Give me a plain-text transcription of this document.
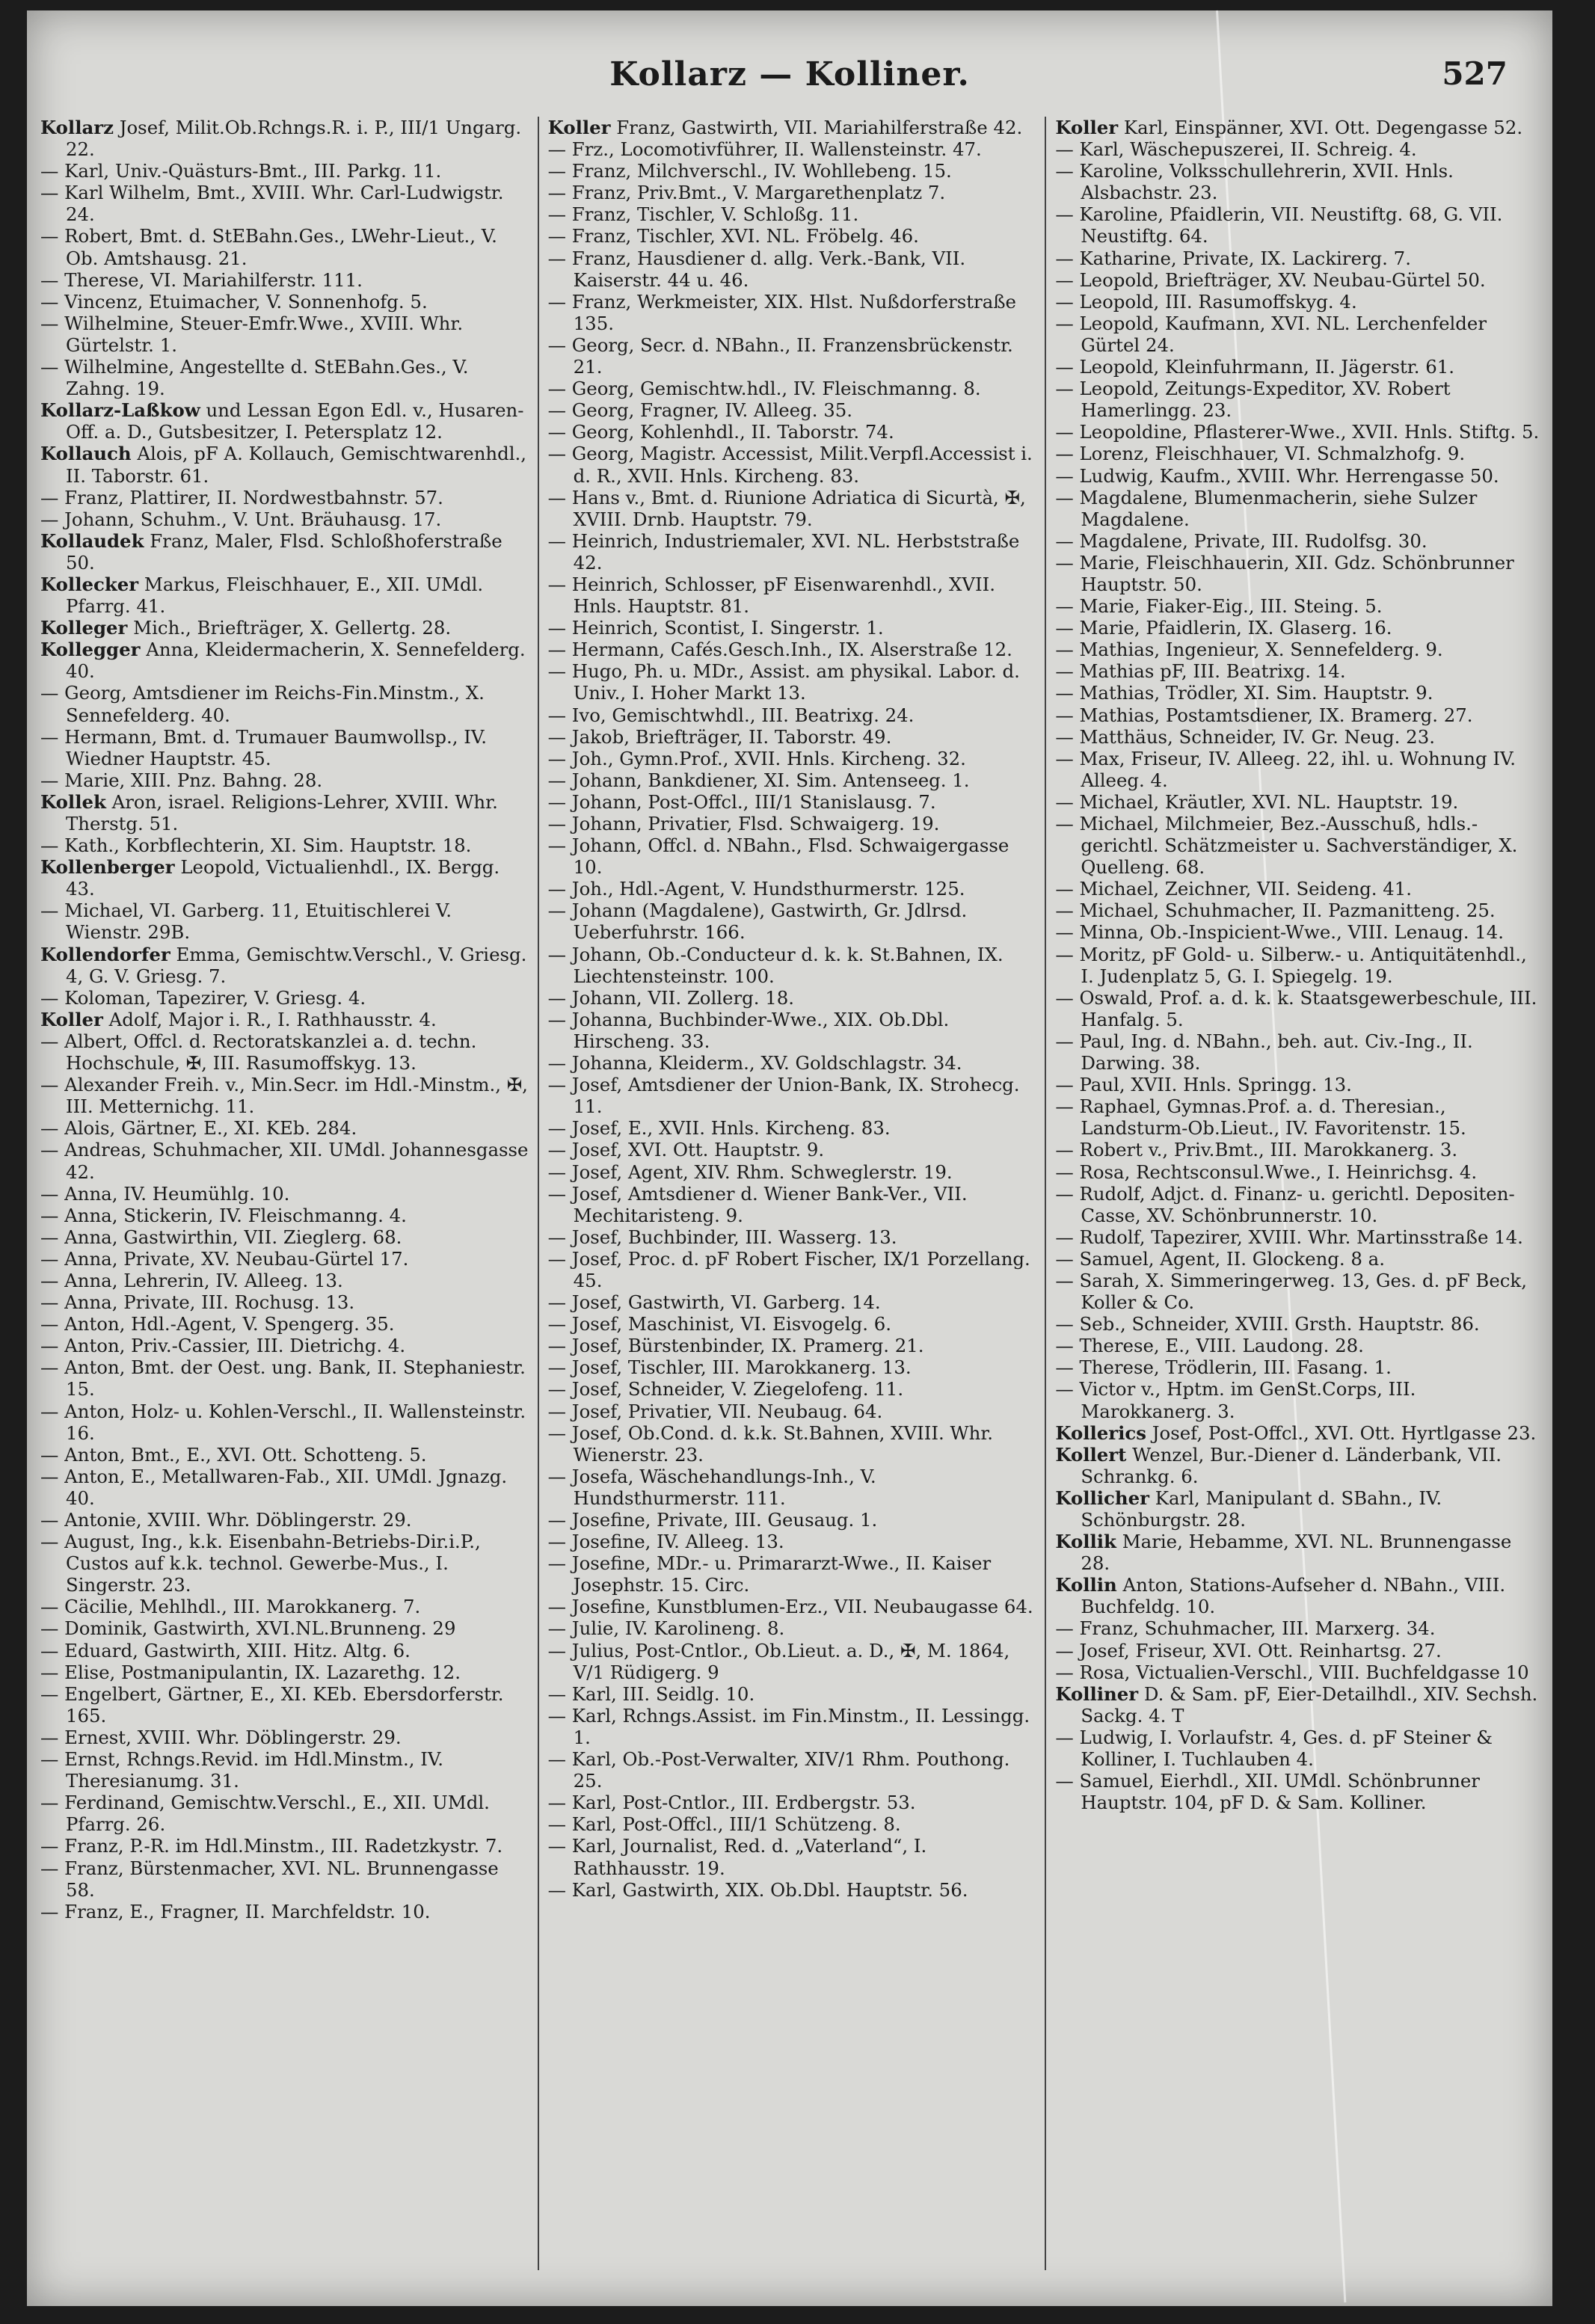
Kollarz — Kolliner.	527

Kollarz Josef, Milit.Ob.Rchngs.R. i. P., III/1 Ungarg. 22.

— Karl, Univ.-Quästurs-Bmt., III. Parkg. 11.

— Karl Wilhelm, Bmt., XVIII. Whr. Carl-Ludwigstr. 24.

— Robert, Bmt. d. StEBahn.Ges., LWehr-Lieut., V. Ob. Amtshausg. 21.

— Therese, VI. Mariahilferstr. 111.

— Vincenz, Etuimacher, V. Sonnenhofg. 5.

— Wilhelmine, Steuer-Emfr.Wwe., XVIII. Whr. Gürtelstr. 1.

— Wilhelmine, Angestellte d. StEBahn.Ges., V. Zahng. 19.

Kollarz-Laßkow und Lessan Egon Edl. v., Husaren-Off. a. D., Gutsbesitzer, I. Petersplatz 12.

Kollauch Alois, pF A. Kollauch, Gemischtwarenhdl., II. Taborstr. 61.

— Franz, Plattirer, II. Nordwestbahnstr. 57.

— Johann, Schuhm., V. Unt. Bräuhausg. 17.

Kollaudek Franz, Maler, Flsd. Schloßhoferstraße 50.

Kollecker Markus, Fleischhauer, E., XII. UMdl. Pfarrg. 41.

Kolleger Mich., Briefträger, X. Gellertg. 28.

Kollegger Anna, Kleidermacherin, X. Sennefelderg. 40.

— Georg, Amtsdiener im Reichs-Fin.Minstm., X. Sennefelderg. 40.

— Hermann, Bmt. d. Trumauer Baumwollsp., IV. Wiedner Hauptstr. 45.

— Marie, XIII. Pnz. Bahng. 28.

Kollek Aron, israel. Religions-Lehrer, XVIII. Whr. Therstg. 51.

— Kath., Korbflechterin, XI. Sim. Hauptstr. 18.

Kollenberger Leopold, Victualienhdl., IX. Bergg. 43.

— Michael, VI. Garberg. 11, Etuitischlerei V. Wienstr. 29B.

Kollendorfer Emma, Gemischtw.Verschl., V. Griesg. 4, G. V. Griesg. 7.

— Koloman, Tapezirer, V. Griesg. 4.

Koller Adolf, Major i. R., I. Rathhausstr. 4.

— Albert, Offcl. d. Rectoratskanzlei a. d. techn. Hochschule, ✠, III. Rasumoffskyg. 13.

— Alexander Freih. v., Min.Secr. im Hdl.-Minstm., ✠, III. Metternichg. 11.

— Alois, Gärtner, E., XI. KEb. 284.

— Andreas, Schuhmacher, XII. UMdl. Johannesgasse 42.

— Anna, IV. Heumühlg. 10.

— Anna, Stickerin, IV. Fleischmanng. 4.

— Anna, Gastwirthin, VII. Zieglerg. 68.

— Anna, Private, XV. Neubau-Gürtel 17.

— Anna, Lehrerin, IV. Alleeg. 13.

— Anna, Private, III. Rochusg. 13.

— Anton, Hdl.-Agent, V. Spengerg. 35.

— Anton, Priv.-Cassier, III. Dietrichg. 4.

— Anton, Bmt. der Oest. ung. Bank, II. Stephaniestr. 15.

— Anton, Holz- u. Kohlen-Verschl., II. Wallensteinstr. 16.

— Anton, Bmt., E., XVI. Ott. Schotteng. 5.

— Anton, E., Metallwaren-Fab., XII. UMdl. Jgnazg. 40.

— Antonie, XVIII. Whr. Döblingerstr. 29.

— August, Ing., k.k. Eisenbahn-Betriebs-Dir.i.P., Custos auf k.k. technol. Gewerbe-Mus., I. Singerstr. 23.

— Cäcilie, Mehlhdl., III. Marokkanerg. 7.

— Dominik, Gastwirth, XVI.NL.Brunneng. 29

— Eduard, Gastwirth, XIII. Hitz. Altg. 6.

— Elise, Postmanipulantin, IX. Lazarethg. 12.

— Engelbert, Gärtner, E., XI. KEb. Ebersdorferstr. 165.

— Ernest, XVIII. Whr. Döblingerstr. 29.

— Ernst, Rchngs.Revid. im Hdl.Minstm., IV. Theresianumg. 31.

— Ferdinand, Gemischtw.Verschl., E., XII. UMdl. Pfarrg. 26.

— Franz, P.-R. im Hdl.Minstm., III. Radetzkystr. 7.

— Franz, Bürstenmacher, XVI. NL. Brunnengasse 58.

— Franz, E., Fragner, II. Marchfeldstr. 10.

Koller Franz, Gastwirth, VII. Mariahilferstraße 42.

— Frz., Locomotivführer, II. Wallensteinstr. 47.

— Franz, Milchverschl., IV. Wohllebeng. 15.

— Franz, Priv.Bmt., V. Margarethenplatz 7.

— Franz, Tischler, V. Schloßg. 11.

— Franz, Tischler, XVI. NL. Fröbelg. 46.

— Franz, Hausdiener d. allg. Verk.-Bank, VII. Kaiserstr. 44 u. 46.

— Franz, Werkmeister, XIX. Hlst. Nußdorferstraße 135.

— Georg, Secr. d. NBahn., II. Franzensbrückenstr. 21.

— Georg, Gemischtw.hdl., IV. Fleischmanng. 8.

— Georg, Fragner, IV. Alleeg. 35.

— Georg, Kohlenhdl., II. Taborstr. 74.

— Georg, Magistr. Accessist, Milit.Verpfl.Accessist i. d. R., XVII. Hnls. Kircheng. 83.

— Hans v., Bmt. d. Riunione Adriatica di Sicurtà, ✠, XVIII. Drnb. Hauptstr. 79.

— Heinrich, Industriemaler, XVI. NL. Herbststraße 42.

— Heinrich, Schlosser, pF Eisenwarenhdl., XVII. Hnls. Hauptstr. 81.

— Heinrich, Scontist, I. Singerstr. 1.

— Hermann, Cafés.Gesch.Inh., IX. Alserstraße 12.

— Hugo, Ph. u. MDr., Assist. am physikal. Labor. d. Univ., I. Hoher Markt 13.

— Ivo, Gemischtwhdl., III. Beatrixg. 24.

— Jakob, Briefträger, II. Taborstr. 49.

— Joh., Gymn.Prof., XVII. Hnls. Kircheng. 32.

— Johann, Bankdiener, XI. Sim. Antenseeg. 1.

— Johann, Post-Offcl., III/1 Stanislausg. 7.

— Johann, Privatier, Flsd. Schwaigerg. 19.

— Johann, Offcl. d. NBahn., Flsd. Schwaigergasse 10.

— Joh., Hdl.-Agent, V. Hundsthurmerstr. 125.

— Johann (Magdalene), Gastwirth, Gr. Jdlrsd. Ueberfuhrstr. 166.

— Johann, Ob.-Conducteur d. k. k. St.Bahnen, IX. Liechtensteinstr. 100.

— Johann, VII. Zollerg. 18.

— Johanna, Buchbinder-Wwe., XIX. Ob.Dbl. Hirscheng. 33.

— Johanna, Kleiderm., XV. Goldschlagstr. 34.

— Josef, Amtsdiener der Union-Bank, IX. Strohecg. 11.

— Josef, E., XVII. Hnls. Kircheng. 83.

— Josef, XVI. Ott. Hauptstr. 9.

— Josef, Agent, XIV. Rhm. Schweglerstr. 19.

— Josef, Amtsdiener d. Wiener Bank-Ver., VII. Mechitaristeng. 9.

— Josef, Buchbinder, III. Wasserg. 13.

— Josef, Proc. d. pF Robert Fischer, IX/1 Porzellang. 45.

— Josef, Gastwirth, VI. Garberg. 14.

— Josef, Maschinist, VI. Eisvogelg. 6.

— Josef, Bürstenbinder, IX. Pramerg. 21.

— Josef, Tischler, III. Marokkanerg. 13.

— Josef, Schneider, V. Ziegelofeng. 11.

— Josef, Privatier, VII. Neubaug. 64.

— Josef, Ob.Cond. d. k.k. St.Bahnen, XVIII. Whr. Wienerstr. 23.

— Josefa, Wäschehandlungs-Inh., V. Hundsthurmerstr. 111.

— Josefine, Private, III. Geusaug. 1.

— Josefine, IV. Alleeg. 13.

— Josefine, MDr.- u. Primararzt-Wwe., II. Kaiser Josephstr. 15. Circ.

— Josefine, Kunstblumen-Erz., VII. Neubaugasse 64.

— Julie, IV. Karolineng. 8.

— Julius, Post-Cntlor., Ob.Lieut. a. D., ✠, M. 1864, V/1 Rüdigerg. 9

— Karl, III. Seidlg. 10.

— Karl, Rchngs.Assist. im Fin.Minstm., II. Lessingg. 1.

— Karl, Ob.-Post-Verwalter, XIV/1 Rhm. Pouthong. 25.

— Karl, Post-Cntlor., III. Erdbergstr. 53.

— Karl, Post-Offcl., III/1 Schützeng. 8.

— Karl, Journalist, Red. d. „Vaterland“, I. Rathhausstr. 19.

— Karl, Gastwirth, XIX. Ob.Dbl. Hauptstr. 56.

Koller Karl, Einspänner, XVI. Ott. Degengasse 52.

— Karl, Wäschepuszerei, II. Schreig. 4.

— Karoline, Volksschullehrerin, XVII. Hnls. Alsbachstr. 23.

— Karoline, Pfaidlerin, VII. Neustiftg. 68, G. VII. Neustiftg. 64.

— Katharine, Private, IX. Lackirerg. 7.

— Leopold, Briefträger, XV. Neubau-Gürtel 50.

— Leopold, III. Rasumoffskyg. 4.

— Leopold, Kaufmann, XVI. NL. Lerchenfelder Gürtel 24.

— Leopold, Kleinfuhrmann, II. Jägerstr. 61.

— Leopold, Zeitungs-Expeditor, XV. Robert Hamerlingg. 23.

— Leopoldine, Pflasterer-Wwe., XVII. Hnls. Stiftg. 5.

— Lorenz, Fleischhauer, VI. Schmalzhofg. 9.

— Ludwig, Kaufm., XVIII. Whr. Herrengasse 50.

— Magdalene, Blumenmacherin, siehe Sulzer Magdalene.

— Magdalene, Private, III. Rudolfsg. 30.

— Marie, Fleischhauerin, XII. Gdz. Schönbrunner Hauptstr. 50.

— Marie, Fiaker-Eig., III. Steing. 5.

— Marie, Pfaidlerin, IX. Glaserg. 16.

— Mathias, Ingenieur, X. Sennefelderg. 9.

— Mathias pF, III. Beatrixg. 14.

— Mathias, Trödler, XI. Sim. Hauptstr. 9.

— Mathias, Postamtsdiener, IX. Bramerg. 27.

— Matthäus, Schneider, IV. Gr. Neug. 23.

— Max, Friseur, IV. Alleeg. 22, ihl. u. Wohnung IV. Alleeg. 4.

— Michael, Kräutler, XVI. NL. Hauptstr. 19.

— Michael, Milchmeier, Bez.-Ausschuß, hdls.-gerichtl. Schätzmeister u. Sachverständiger, X. Quelleng. 68.

— Michael, Zeichner, VII. Seideng. 41.

— Michael, Schuhmacher, II. Pazmanitteng. 25.

— Minna, Ob.-Inspicient-Wwe., VIII. Lenaug. 14.

— Moritz, pF Gold- u. Silberw.- u. Antiquitätenhdl., I. Judenplatz 5, G. I. Spiegelg. 19.

— Oswald, Prof. a. d. k. k. Staatsgewerbeschule, III. Hanfalg. 5.

— Paul, Ing. d. NBahn., beh. aut. Civ.-Ing., II. Darwing. 38.

— Paul, XVII. Hnls. Springg. 13.

— Raphael, Gymnas.Prof. a. d. Theresian., Landsturm-Ob.Lieut., IV. Favoritenstr. 15.

— Robert v., Priv.Bmt., III. Marokkanerg. 3.

— Rosa, Rechtsconsul.Wwe., I. Heinrichsg. 4.

— Rudolf, Adjct. d. Finanz- u. gerichtl. Depositen-Casse, XV. Schönbrunnerstr. 10.

— Rudolf, Tapezirer, XVIII. Whr. Martinsstraße 14.

— Samuel, Agent, II. Glockeng. 8 a.

— Sarah, X. Simmeringerweg. 13, Ges. d. pF Beck, Koller & Co.

— Seb., Schneider, XVIII. Grsth. Hauptstr. 86.

— Therese, E., VIII. Laudong. 28.

— Therese, Trödlerin, III. Fasang. 1.

— Victor v., Hptm. im GenSt.Corps, III. Marokkanerg. 3.

Kollerics Josef, Post-Offcl., XVI. Ott. Hyrtlgasse 23.

Kollert Wenzel, Bur.-Diener d. Länderbank, VII. Schrankg. 6.

Kollicher Karl, Manipulant d. SBahn., IV. Schönburgstr. 28.

Kollik Marie, Hebamme, XVI. NL. Brunnengasse 28.

Kollin Anton, Stations-Aufseher d. NBahn., VIII. Buchfeldg. 10.

— Franz, Schuhmacher, III. Marxerg. 34.

— Josef, Friseur, XVI. Ott. Reinhartsg. 27.

— Rosa, Victualien-Verschl., VIII. Buchfeldgasse 10

Kolliner D. & Sam. pF, Eier-Detailhdl., XIV. Sechsh. Sackg. 4. T

— Ludwig, I. Vorlaufstr. 4, Ges. d. pF Steiner & Kolliner, I. Tuchlauben 4.

— Samuel, Eierhdl., XII. UMdl. Schönbrunner Hauptstr. 104, pF D. & Sam. Kolliner.
